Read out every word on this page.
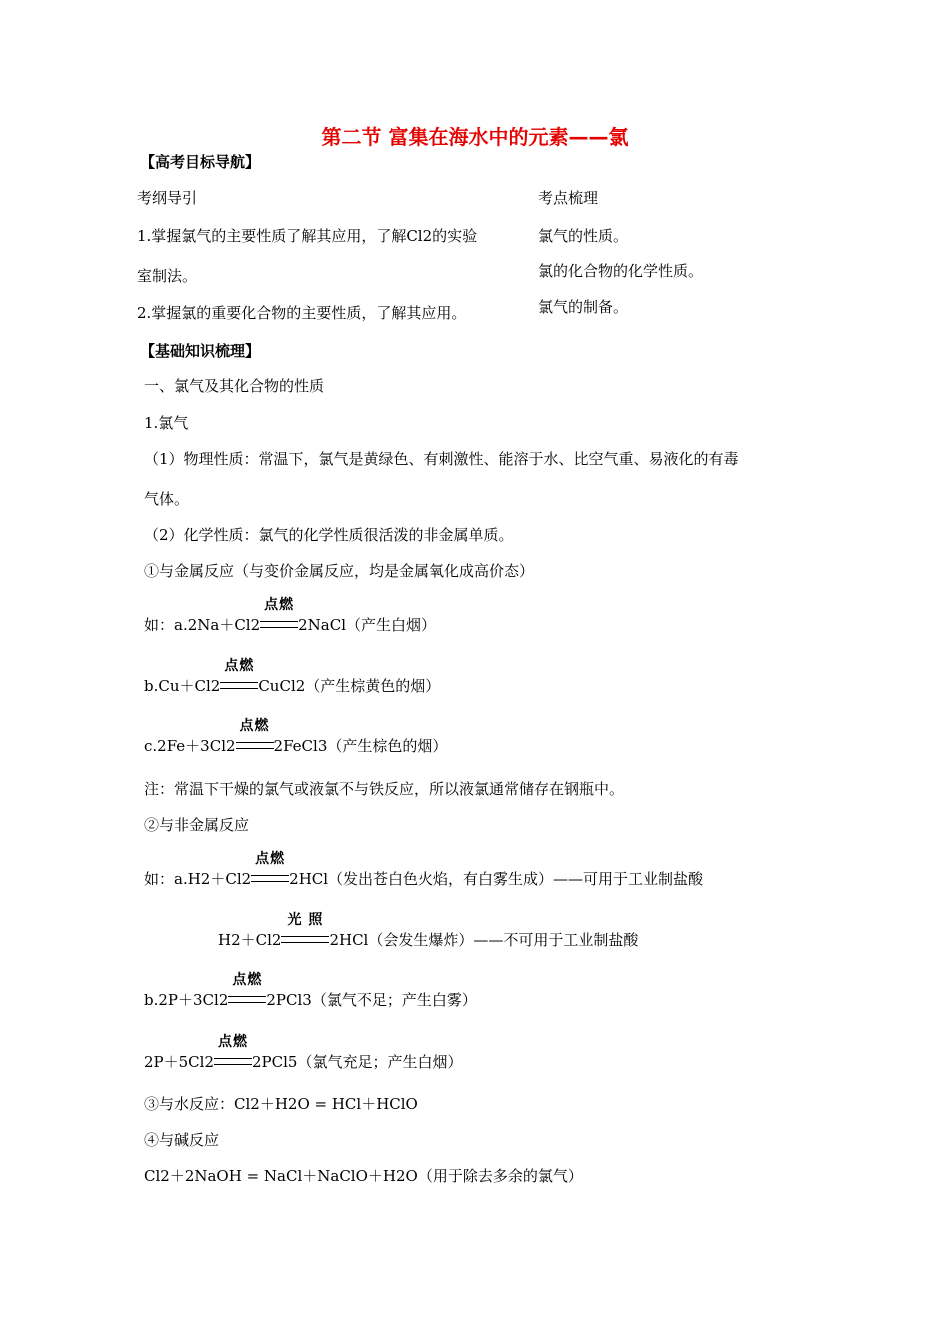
第二节 富集在海水中的元素——氯
【高考目标导航】
考纲导引	考点梳理
1.掌握氯气的主要性质了解其应用，了解Cl2的实验
室制法。
2.掌握氯的重要化合物的主要性质，了解其应用。
氯气的性质。
氯的化合物的化学性质。
氯气的制备。
【基础知识梳理】
一、氯气及其化合物的性质
1.氯气
（1）物理性质：常温下，氯气是黄绿色、有刺激性、能溶于水、比空气重、易液化的有毒
气体。
（2）化学性质：氯气的化学性质很活泼的非金属单质。
①与金属反应（与变价金属反应，均是金属氧化成高价态）
如：a.2Na＋Cl2
点燃
2NaCl（产生白烟）
b.Cu＋Cl2
点燃
CuCl2（产生棕黄色的烟）
c.2Fe＋3Cl2
点燃
2FeCl3（产生棕色的烟）
注：常温下干燥的氯气或液氯不与铁反应，所以液氯通常储存在钢瓶中。
②与非金属反应
如：a.H2＋Cl2
点燃
2HCl（发出苍白色火焰，有白雾生成）——可用于工业制盐酸
H2＋Cl2
光 照
2HCl（会发生爆炸）——不可用于工业制盐酸
b.2P＋3Cl2
点燃
2PCl3（氯气不足；产生白雾）
2P＋5Cl2
点燃
2PCl5（氯气充足；产生白烟）
③与水反应：Cl2＋H2O = HCl＋HClO
④与碱反应
Cl2＋2NaOH = NaCl＋NaClO＋H2O（用于除去多余的氯气）
